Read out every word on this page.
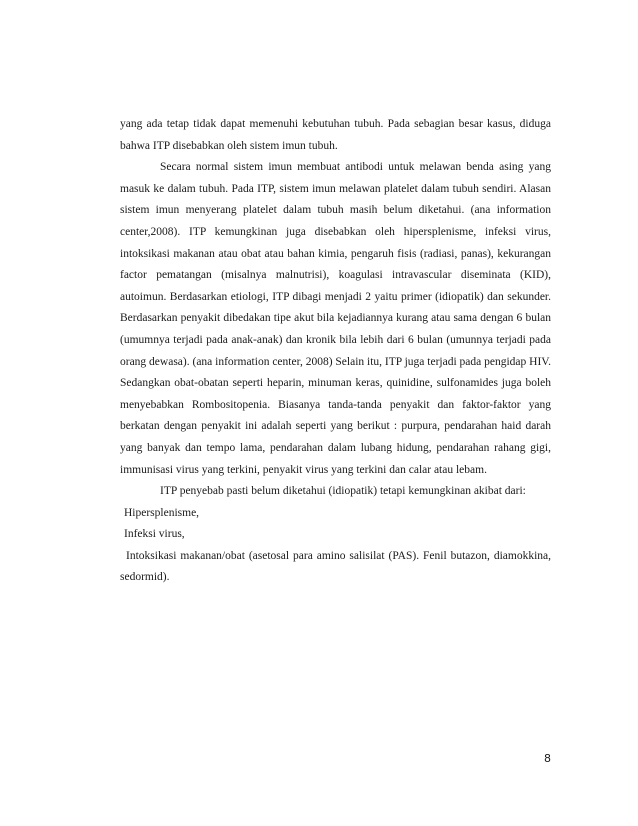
yang ada tetap tidak dapat memenuhi kebutuhan tubuh. Pada sebagian besar kasus, diduga bahwa ITP disebabkan oleh sistem imun tubuh.

Secara normal sistem imun membuat antibodi untuk melawan benda asing yang masuk ke dalam tubuh. Pada ITP, sistem imun melawan platelet dalam tubuh sendiri. Alasan sistem imun menyerang platelet dalam tubuh masih belum diketahui. (ana information center,2008). ITP kemungkinan juga disebabkan oleh hipersplenisme, infeksi virus, intoksikasi makanan atau obat atau bahan kimia, pengaruh fisis (radiasi, panas), kekurangan factor pematangan (misalnya malnutrisi), koagulasi intravascular diseminata (KID), autoimun. Berdasarkan etiologi, ITP dibagi menjadi 2 yaitu primer (idiopatik) dan sekunder. Berdasarkan penyakit dibedakan tipe akut bila kejadiannya kurang atau sama dengan 6 bulan (umumnya terjadi pada anak-anak) dan kronik bila lebih dari 6 bulan (umunnya terjadi pada orang dewasa). (ana information center, 2008) Selain itu, ITP juga terjadi pada pengidap HIV. Sedangkan obat-obatan seperti heparin, minuman keras, quinidine, sulfonamides juga boleh menyebabkan Rombositopenia. Biasanya tanda-tanda penyakit dan faktor-faktor yang berkatan dengan penyakit ini adalah seperti yang berikut : purpura, pendarahan haid darah yang banyak dan tempo lama, pendarahan dalam lubang hidung, pendarahan rahang gigi, immunisasi virus yang terkini, penyakit virus yang terkini dan calar atau lebam.

ITP penyebab pasti belum diketahui (idiopatik) tetapi kemungkinan akibat dari:

Hipersplenisme,

Infeksi virus,

Intoksikasi makanan/obat (asetosal para amino salisilat (PAS). Fenil butazon, diamokkina, sedormid).

8
